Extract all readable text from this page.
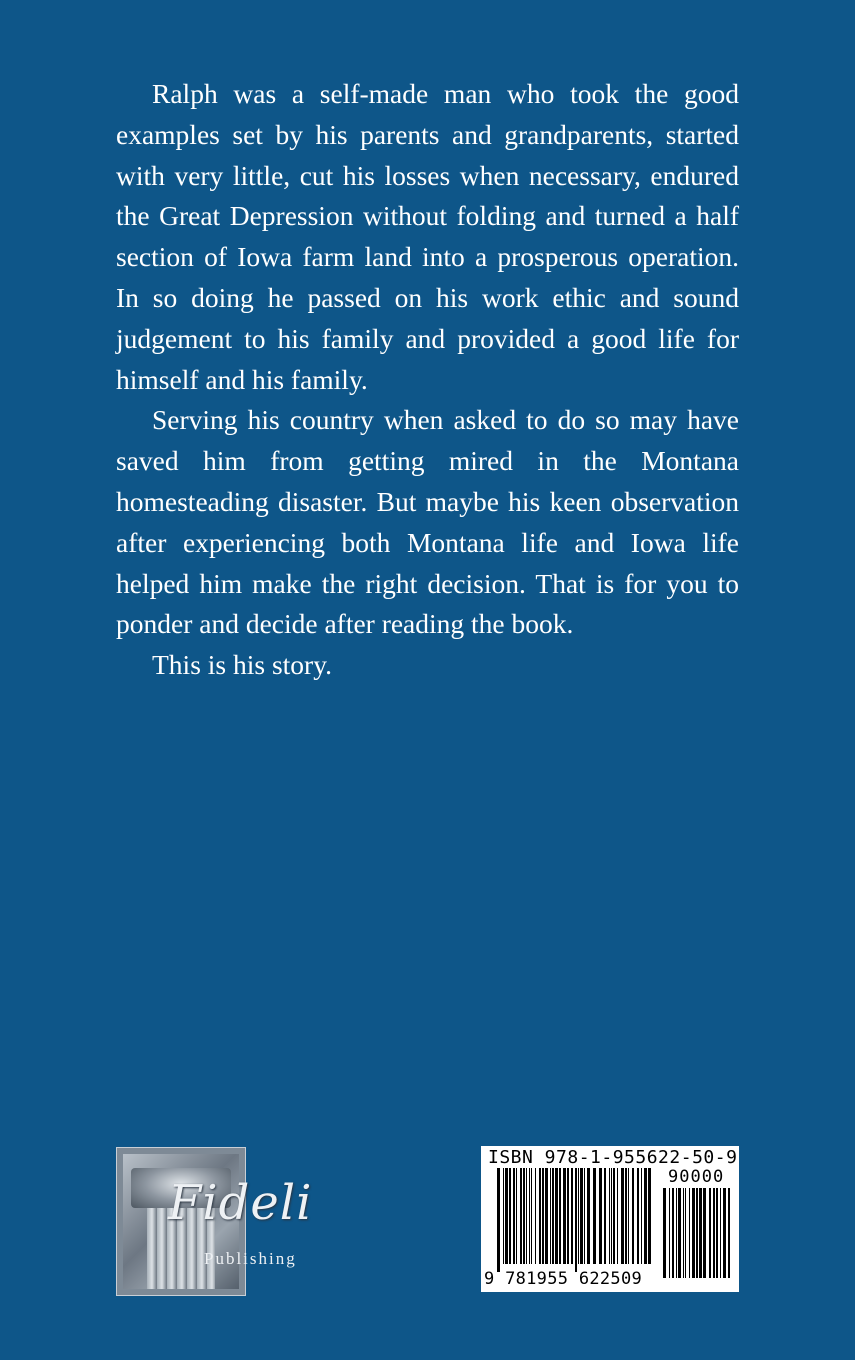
Ralph was a self-made man who took the good examples set by his parents and grandparents, started with very little, cut his losses when necessary, endured the Great Depression without folding and turned a half section of Iowa farm land into a prosperous operation. In so doing he passed on his work ethic and sound judgement to his family and provided a good life for himself and his family.

Serving his country when asked to do so may have saved him from getting mired in the Montana homesteading disaster. But maybe his keen observation after experiencing both Montana life and Iowa life helped him make the right decision. That is for you to ponder and decide after reading the book.

This is his story.

Fideli
Publishing
ISBN 978-1-955622-50-9
90000
9 781955 622509
